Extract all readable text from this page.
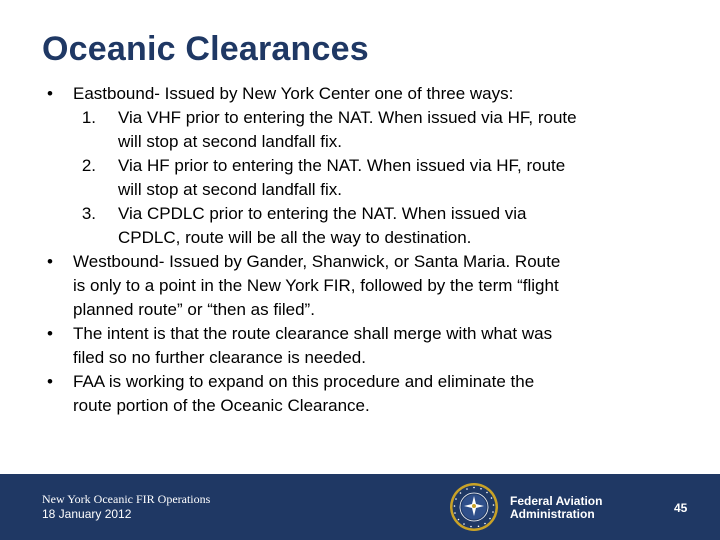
Oceanic Clearances
• Eastbound- Issued by New York Center one of three ways:
1. Via VHF prior to entering the NAT. When issued via HF, route
will stop at second landfall fix.
2. Via HF prior to entering the NAT. When issued via HF, route
will stop at second landfall fix.
3. Via CPDLC prior to entering the NAT. When issued via
CPDLC, route will be all the way to destination.
• Westbound- Issued by Gander, Shanwick, or Santa Maria. Route
is only to a point in the New York FIR, followed by the term “flight
planned route” or “then as filed”.
• The intent is that the route clearance shall merge with what was
filed so no further clearance is needed.
• FAA is working to expand on this procedure and eliminate the
route portion of the Oceanic Clearance.
New York Oceanic FIR Operations
18 January 2012
Federal Aviation
Administration	45
